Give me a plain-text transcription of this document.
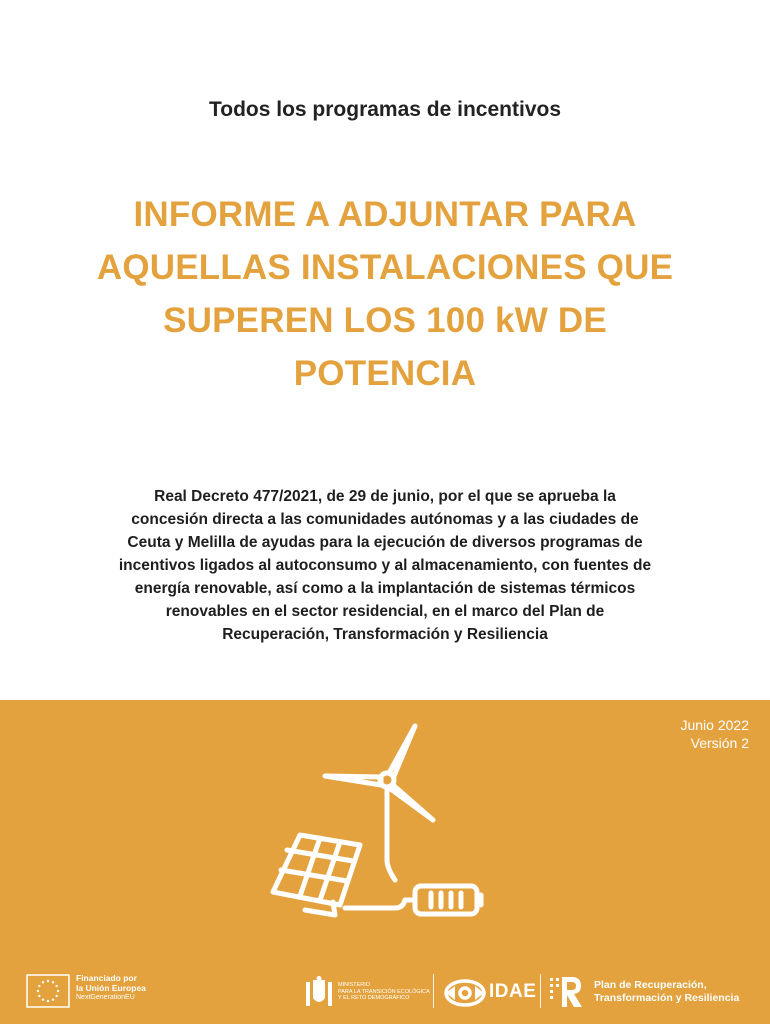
Todos los programas de incentivos
INFORME A ADJUNTAR PARA
AQUELLAS INSTALACIONES QUE
SUPEREN LOS 100 kW DE
POTENCIA
Real Decreto 477/2021, de 29 de junio, por el que se aprueba la
concesión directa a las comunidades autónomas y a las ciudades de
Ceuta y Melilla de ayudas para la ejecución de diversos programas de
incentivos ligados al autoconsumo y al almacenamiento, con fuentes de
energía renovable, así como a la implantación de sistemas térmicos
renovables en el sector residencial, en el marco del Plan de
Recuperación, Transformación y Resiliencia
Junio 2022
Versión 2
Financiado por
la Unión Europea
NextGenerationEU
MINISTERIO
PARA LA TRANSICIÓN ECOLÓGICA
Y EL RETO DEMOGRÁFICO	IDAE	Plan de Recuperación,
Transformación y Resiliencia
